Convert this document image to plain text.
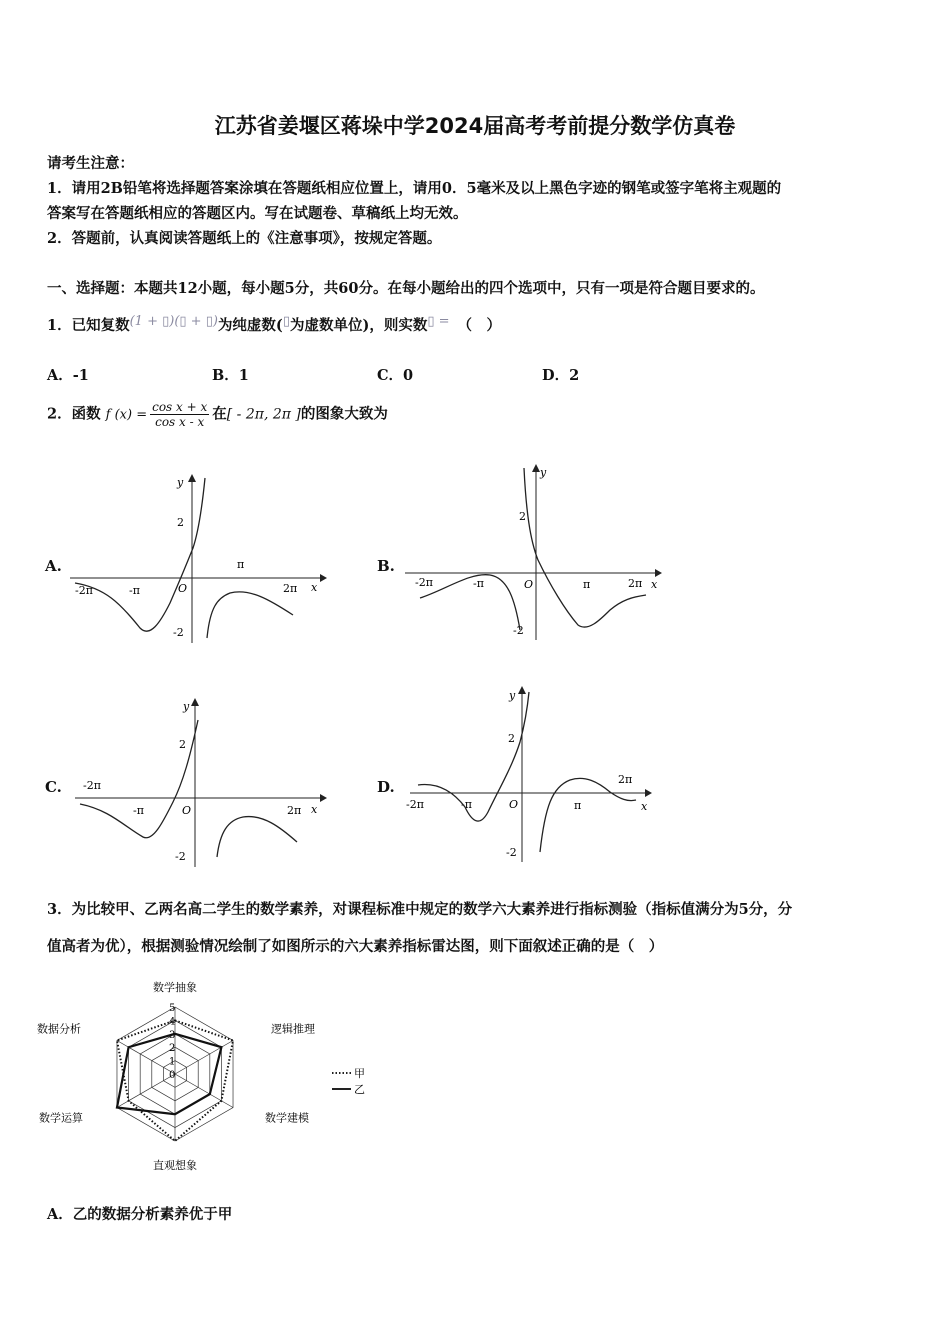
江苏省姜堰区蒋垛中学2024届高考考前提分数学仿真卷
请考生注意：
1．请用2B铅笔将选择题答案涂填在答题纸相应位置上，请用0．5毫米及以上黑色字迹的钢笔或签字笔将主观题的
答案写在答题纸相应的答题区内。写在试题卷、草稿纸上均无效。
2．答题前，认真阅读答题纸上的《注意事项》，按规定答题。
一、选择题：本题共12小题，每小题5分，共60分。在每小题给出的四个选项中，只有一项是符合题目要求的。
1．已知复数(1 + ▯)(▯ + ▯)为纯虚数(▯为虚数单位)，则实数▯ = （　）
A．-1	B．1	C．0	D．2
2．函数 f $(x) = \frac{\text{cos x + x}}{\text{cos x - x}}$ 在[ - 2π, 2π ]的图象大致为
A.	B.
C.	D.
y
x
O
2
-2
π
-π	2π
-2π
y
x
O
2
-2
π
-π	2π
-2π
y
x
O
2
-2
-π	2π
-2π
y
x
O
2
-2
π
-π
2π
-2π
3．为比较甲、乙两名高二学生的数学素养，对课程标准中规定的数学六大素养进行指标测验（指标值满分为5分，分
值高者为优），根据测验情况绘制了如图所示的六大素养指标雷达图，则下面叙述正确的是（　）
0
1
2
3
4
5
数学抽象
逻辑推理
数学建模
直观想象
数学运算
数据分析
甲
乙
A．乙的数据分析素养优于甲
